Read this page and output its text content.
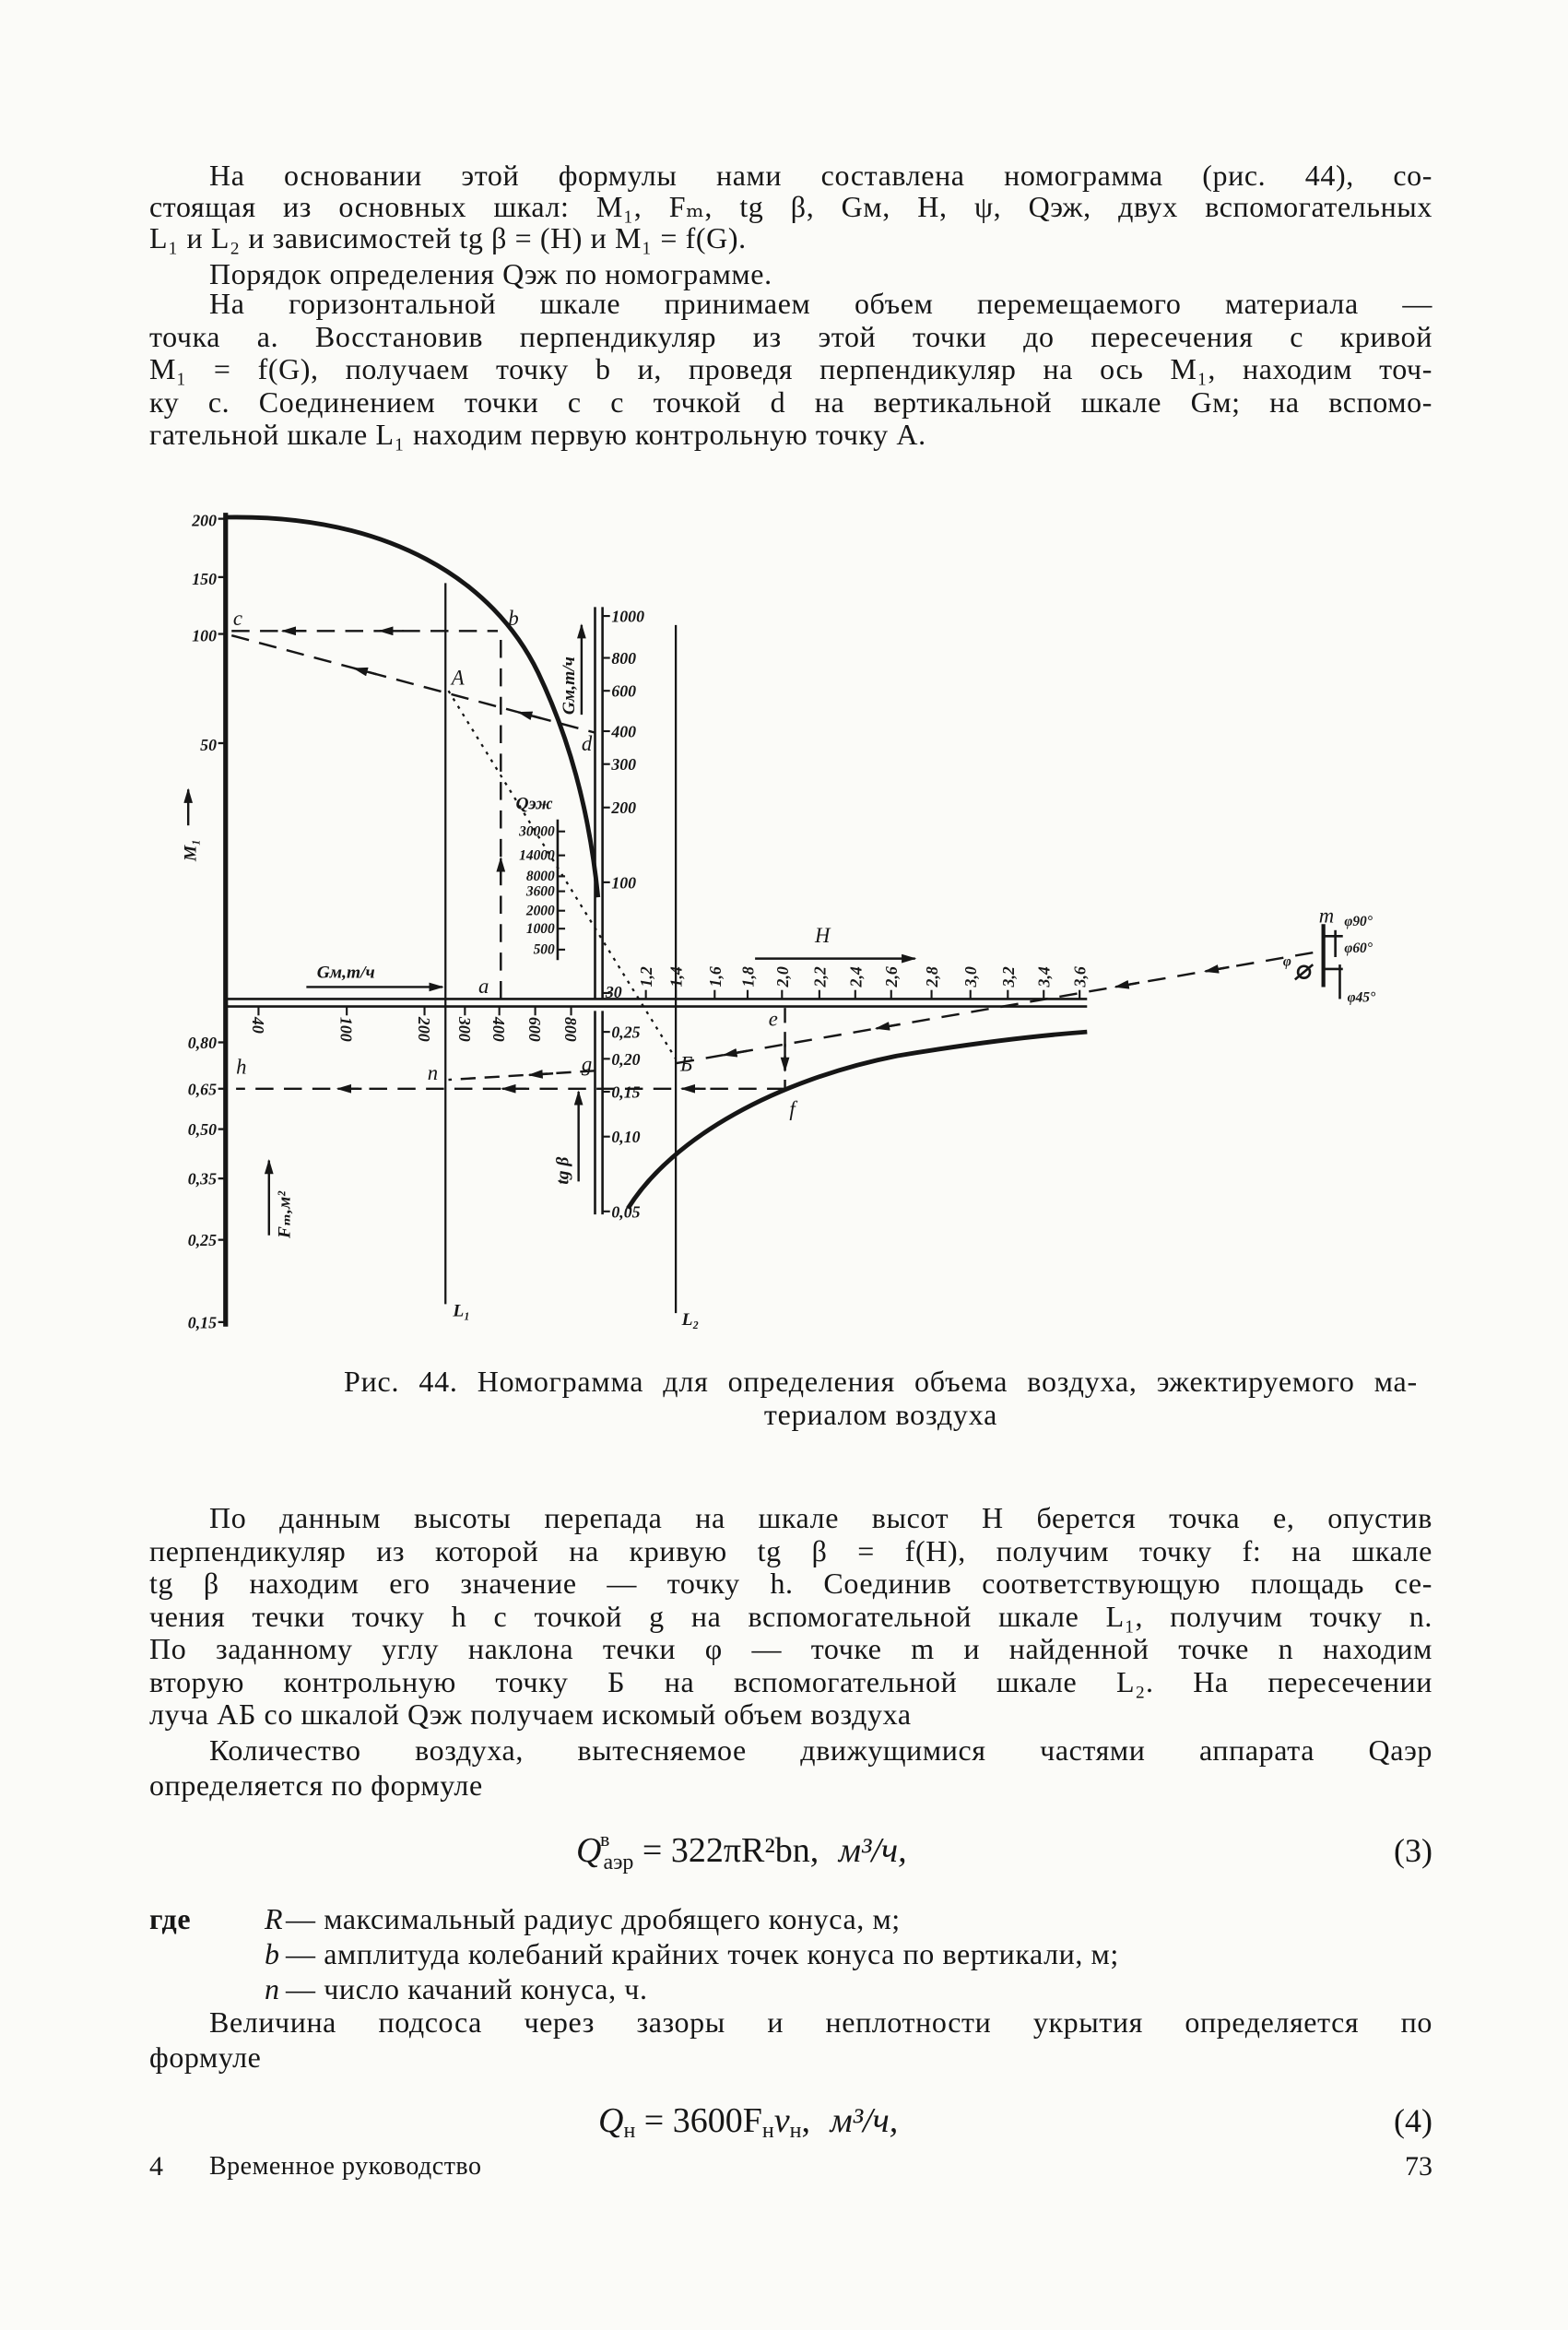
На основании этой формулы нами составлена номограмма (рис. 44), со-
стоящая из основных шкал: M₁, Fₘ, tg β, Gм, H, ψ, Qэж, двух вспомогательных
L₁ и L₂ и зависимостей tg β = (H) и M₁ = f(G).
Порядок определения Qэж по номограмме.
На горизонтальной шкале принимаем объем перемещаемого материала —
точка a. Восстановив перпендикуляр из этой точки до пересечения с кривой
M₁ = f(G), получаем точку b и, проведя перпендикуляр на ось M₁, находим точ-
ку c. Соединением точки c с точкой d на вертикальной шкале Gм; на вспомо-
гательной шкале L₁ находим первую контрольную точку A.
200
150
100
50
M₁
0,80
0,65
0,50
0,35
0,25
0,15
Fₘ,м²
40	100	200 300 400 600 800
Gм,т/ч	1,2 1,4 1,6 1,8 2,0 2,2 2,4 2,6 2,8 3,0 3,2 3,4 3,6
H
1000
800
600
400
300
200
100
30
Gм,т/ч
0,25
0,20
0,15
0,10
0,05
tg β
30000
14000
8000
3600
2000
1000
500
Qэж
c	b
A
d
a
e
f
g
h	n	Б
m
L₁	L₂
φ90°
φ60°
φ45°
φ
Рис. 44. Номограмма для определения объема воздуха, эжектируемого ма-
териалом воздуха
По данным высоты перепада на шкале высот H берется точка e, опустив
перпендикуляр из которой на кривую tg β = f(H), получим точку f: на шкале
tg β находим его значение — точку h. Соединив соответствующую площадь се-
чения течки точку h с точкой g на вспомогательной шкале L₁, получим точку n.
По заданному углу наклона течки φ — точке m и найденной точке n находим
вторую контрольную точку Б на вспомогательной шкале L₂. На пересечении
луча АБ со шкалой Qэж получаем искомый объем воздуха
Количество воздуха, вытесняемое движущимися частями аппарата Qаэр
определяется по формуле
Q
в
$_{аэр}$ = 322πR²bn, м³/ч,	(3)
где R — максимальный радиус дробящего конуса, м;
b — амплитуда колебаний крайних точек конуса по вертикали, м;
n — число качаний конуса, ч.
Величина подсоса через зазоры и неплотности укрытия определяется по
формуле
$Q_н = 3600F_нv_н$, м³/ч,	(4)
4 Временное руководство	73
